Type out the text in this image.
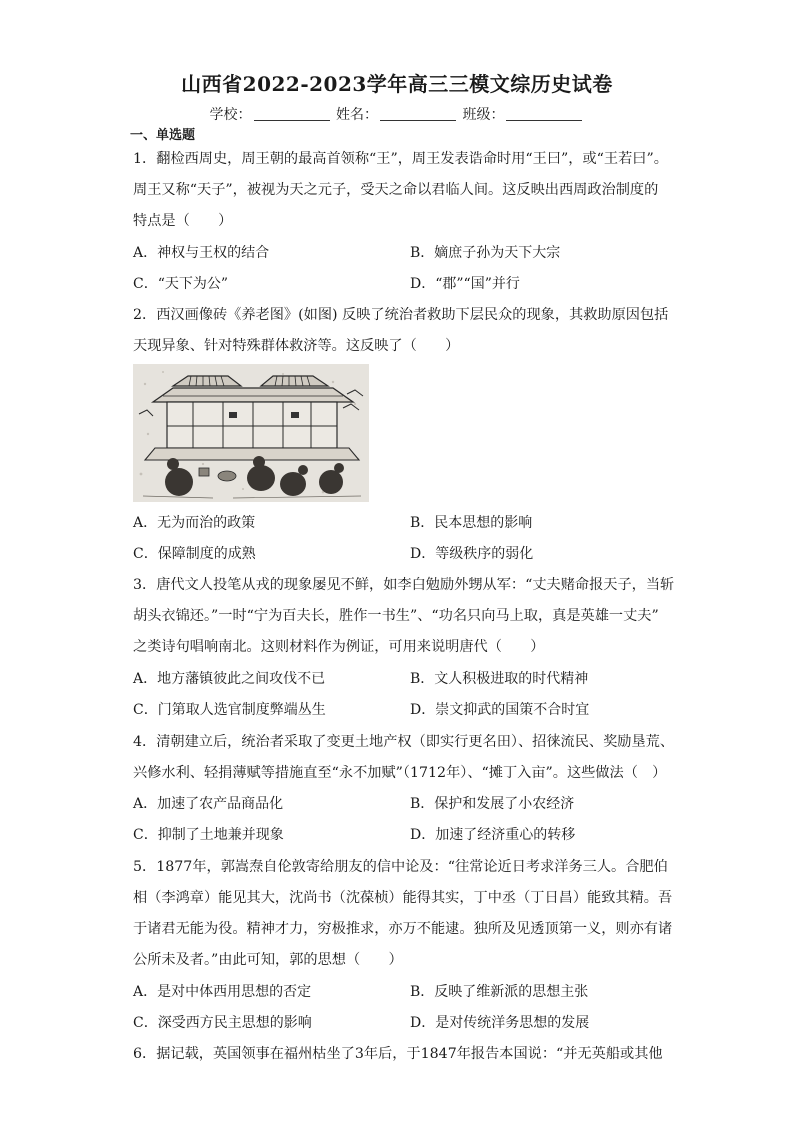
山西省2022-2023学年高三三模文综历史试卷
学校：	姓名：	班级：
一、单选题
1．翻检西周史，周王朝的最高首领称“王”，周王发表诰命时用“王曰”，或“王若曰”。
周王又称“天子”，被视为天之元子，受天之命以君临人间。这反映出西周政治制度的
特点是（　　）
A．神权与王权的结合	B．嫡庶子孙为天下大宗
C．“天下为公”	D．“郡”“国”并行
2．西汉画像砖《养老图》(如图) 反映了统治者救助下层民众的现象，其救助原因包括
天现异象、针对特殊群体救济等。这反映了（　　）
A．无为而治的政策	B．民本思想的影响
C．保障制度的成熟	D．等级秩序的弱化
3．唐代文人投笔从戎的现象屡见不鲜，如李白勉励外甥从军：“丈夫赌命报天子，当斩
胡头衣锦还。”一时“宁为百夫长，胜作一书生”、“功名只向马上取，真是英雄一丈夫”
之类诗句唱响南北。这则材料作为例证，可用来说明唐代（　　）
A．地方藩镇彼此之间攻伐不已	B．文人积极进取的时代精神
C．门第取人选官制度弊端丛生	D．崇文抑武的国策不合时宜
4．清朝建立后，统治者采取了变更土地产权（即实行更名田）、招徕流民、奖励垦荒、
兴修水利、轻捐薄赋等措施直至“永不加赋”（1712年）、“摊丁入亩”。这些做法（　）
A．加速了农产品商品化	B．保护和发展了小农经济
C．抑制了土地兼并现象	D．加速了经济重心的转移
5．1877年，郭嵩焘自伦敦寄给朋友的信中论及：“往常论近日考求洋务三人。合肥伯
相（李鸿章）能见其大，沈尚书（沈葆桢）能得其实，丁中丞（丁日昌）能致其精。吾
于诸君无能为役。精神才力，穷极推求，亦万不能逮。独所及见透顶第一义，则亦有诸
公所未及者。”由此可知，郭的思想（　　）
A．是对中体西用思想的否定	B．反映了维新派的思想主张
C．深受西方民主思想的影响	D．是对传统洋务思想的发展
6．据记载，英国领事在福州枯坐了3年后，于1847年报告本国说：“并无英船或其他
